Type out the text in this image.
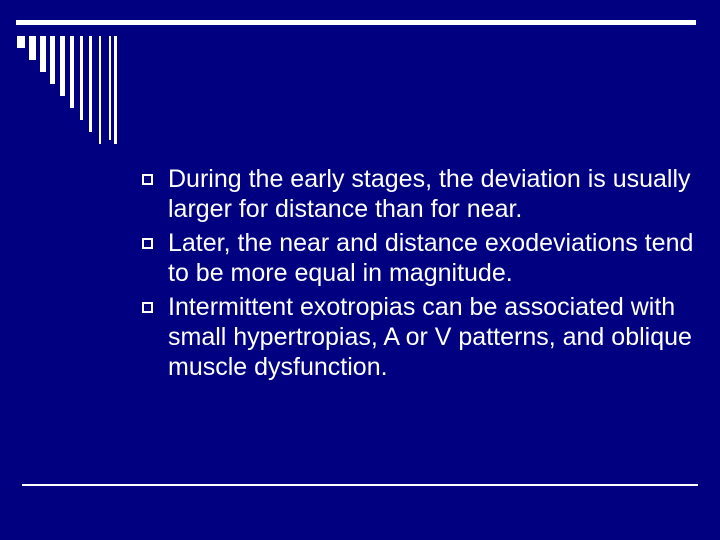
During the early stages, the deviation is usually larger for distance than for near.
Later, the near and distance exodeviations tend to be more equal in magnitude.
Intermittent exotropias can be associated with small hypertropias, A or V patterns, and oblique muscle dysfunction.
